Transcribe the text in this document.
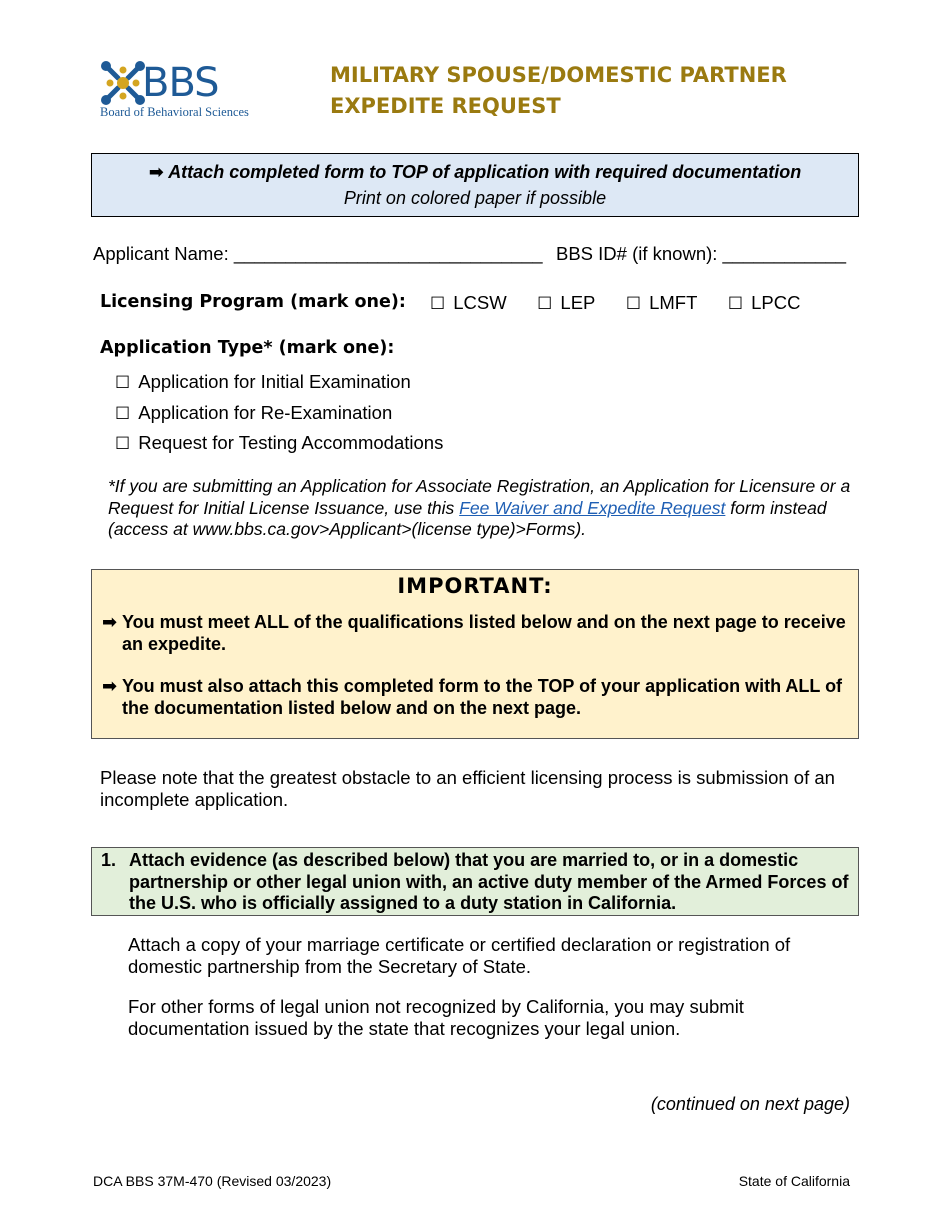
BBS
Board of Behavioral Sciences
MILITARY SPOUSE/DOMESTIC PARTNER
EXPEDITE REQUEST
➡ Attach completed form to TOP of application with required documentation
Print on colored paper if possible
Applicant Name: ______________________________ BBS ID# (if known): ____________
Licensing Program (mark one): ☐ LCSW ☐ LEP ☐ LMFT ☐ LPCC
Application Type* (mark one):
☐ Application for Initial Examination
☐ Application for Re-Examination
☐ Request for Testing Accommodations
*If you are submitting an Application for Associate Registration, an Application for Licensure or a Request for Initial License Issuance, use this Fee Waiver and Expedite Request form instead (access at www.bbs.ca.gov>Applicant>(license type)>Forms).
IMPORTANT:
➡ You must meet ALL of the qualifications listed below and on the next page to receive an expedite.
➡ You must also attach this completed form to the TOP of your application with ALL of the documentation listed below and on the next page.
Please note that the greatest obstacle to an efficient licensing process is submission of an incomplete application.
1. Attach evidence (as described below) that you are married to, or in a domestic partnership or other legal union with, an active duty member of the Armed Forces of the U.S. who is officially assigned to a duty station in California.
Attach a copy of your marriage certificate or certified declaration or registration of domestic partnership from the Secretary of State.
For other forms of legal union not recognized by California, you may submit documentation issued by the state that recognizes your legal union.
(continued on next page)
DCA BBS 37M-470 (Revised 03/2023)	State of California
